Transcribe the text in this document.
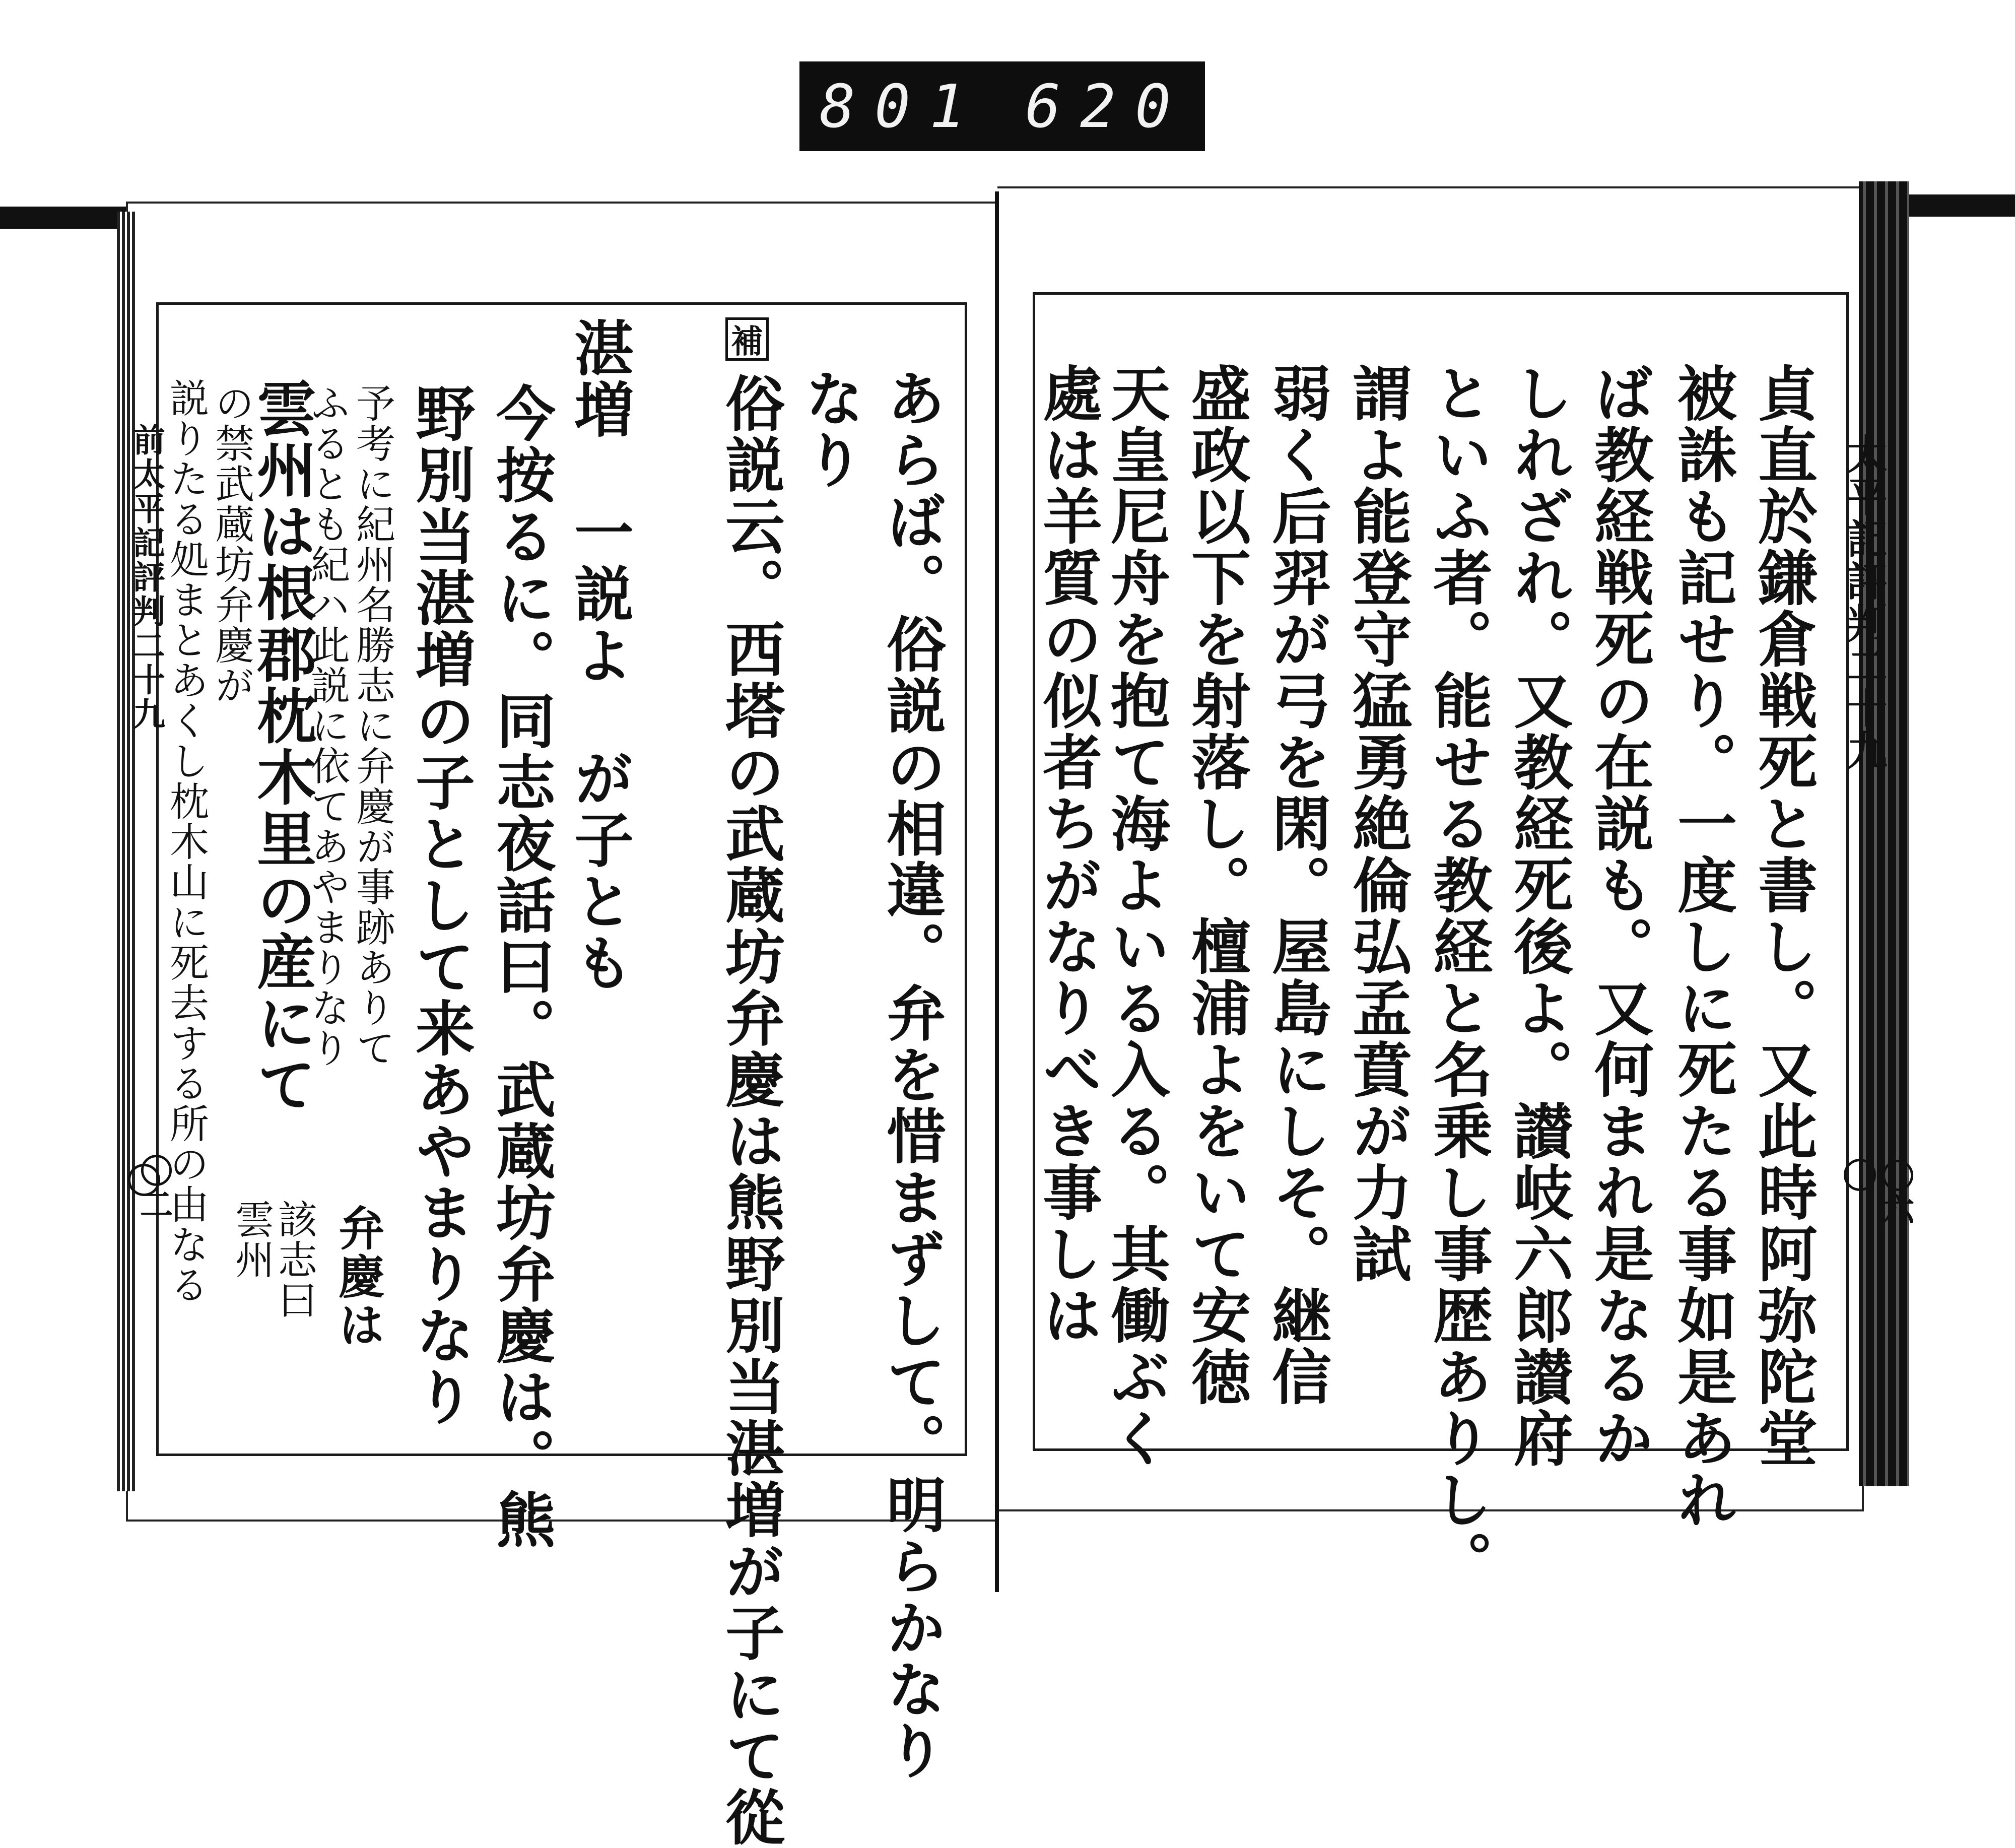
801 620
前太平記評判二十九
〇二
補
あらば。俗説の相違。弁を惜まずして。明らかなり
なり
俗説云。西塔の武蔵坊弁慶は熊野別当湛増が子にて從
湛増　一説よ　が子とも
今按るに。同志夜話曰。武蔵坊弁慶は。熊
野別当湛増の子として来あやまりなり
予考に紀州名勝志に弁慶が事跡ありて
ふるとも紀ハ此説に依てあやまりなり
雲州は根郡枕木里の産にて
の禁武蔵坊弁慶が
説りたる処まとあくし枕木山に死去する所の由なる	弁慶は
該志曰
雲州
太平記評判二十九
〇六
貞直於鎌倉戦死と書し。又此時阿弥陀堂
被誅も記せり。一度しに死たる事如是あれ
ば教経戦死の在説も。又何まれ是なるか
しれざれ。又教経死後よ。讃岐六郎讃府
といふ者。能せる教経と名乗し事歴ありし。
謂よ能登守猛勇絶倫弘孟賁が力試
弱く后羿が弓を閑。屋島にしそ。継信
盛政以下を射落し。檀浦よをいて安徳
天皇尼舟を抱て海よいる入る。其働ぶく
處は羊質の似者ちがなりべき事しは
